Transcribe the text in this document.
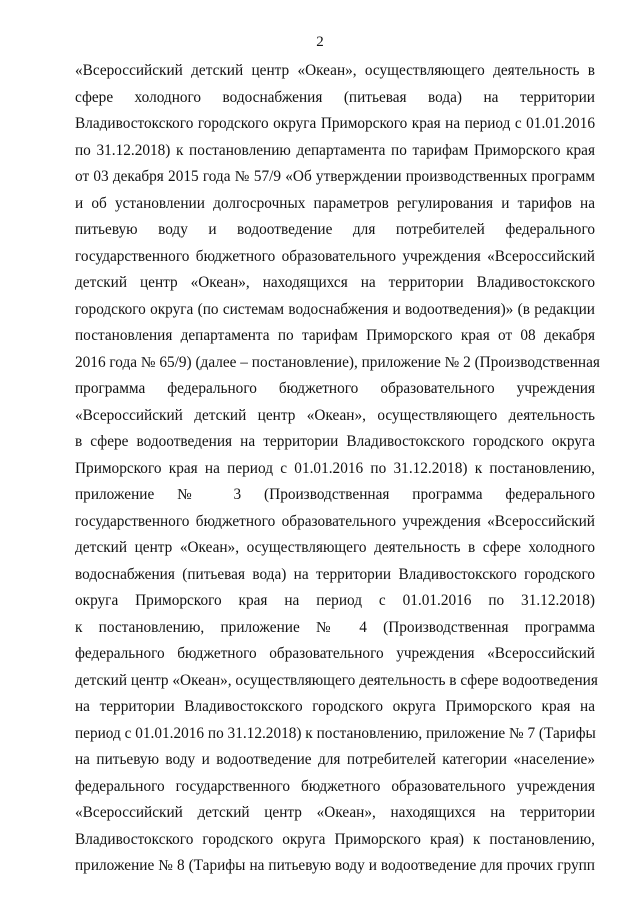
2
«Всероссийский детский центр «Океан», осуществляющего деятельность в
сфере холодного водоснабжения (питьевая вода) на территории
Владивостокского городского округа Приморского края на период с 01.01.2016
по 31.12.2018) к постановлению департамента по тарифам Приморского края
от 03 декабря 2015 года № 57/9 «Об утверждении производственных программ
и об установлении долгосрочных параметров регулирования и тарифов на
питьевую воду и водоотведение для потребителей федерального
государственного бюджетного образовательного учреждения «Всероссийский
детский центр «Океан», находящихся на территории Владивостокского
городского округа (по системам водоснабжения и водоотведения)» (в редакции
постановления департамента по тарифам Приморского края от 08 декабря
2016 года № 65/9) (далее – постановление), приложение № 2 (Производственная
программа федерального бюджетного образовательного учреждения
«Всероссийский детский центр «Океан», осуществляющего деятельность
в сфере водоотведения на территории Владивостокского городского округа
Приморского края на период с 01.01.2016 по 31.12.2018) к постановлению,
приложение № 3 (Производственная программа федерального
государственного бюджетного образовательного учреждения «Всероссийский
детский центр «Океан», осуществляющего деятельность в сфере холодного
водоснабжения (питьевая вода) на территории Владивостокского городского
округа Приморского края на период с 01.01.2016 по 31.12.2018)
к постановлению, приложение № 4 (Производственная программа
федерального бюджетного образовательного учреждения «Всероссийский
детский центр «Океан», осуществляющего деятельность в сфере водоотведения
на территории Владивостокского городского округа Приморского края на
период с 01.01.2016 по 31.12.2018) к постановлению, приложение № 7 (Тарифы
на питьевую воду и водоотведение для потребителей категории «население»
федерального государственного бюджетного образовательного учреждения
«Всероссийский детский центр «Океан», находящихся на территории
Владивостокского городского округа Приморского края) к постановлению,
приложение № 8 (Тарифы на питьевую воду и водоотведение для прочих групп
